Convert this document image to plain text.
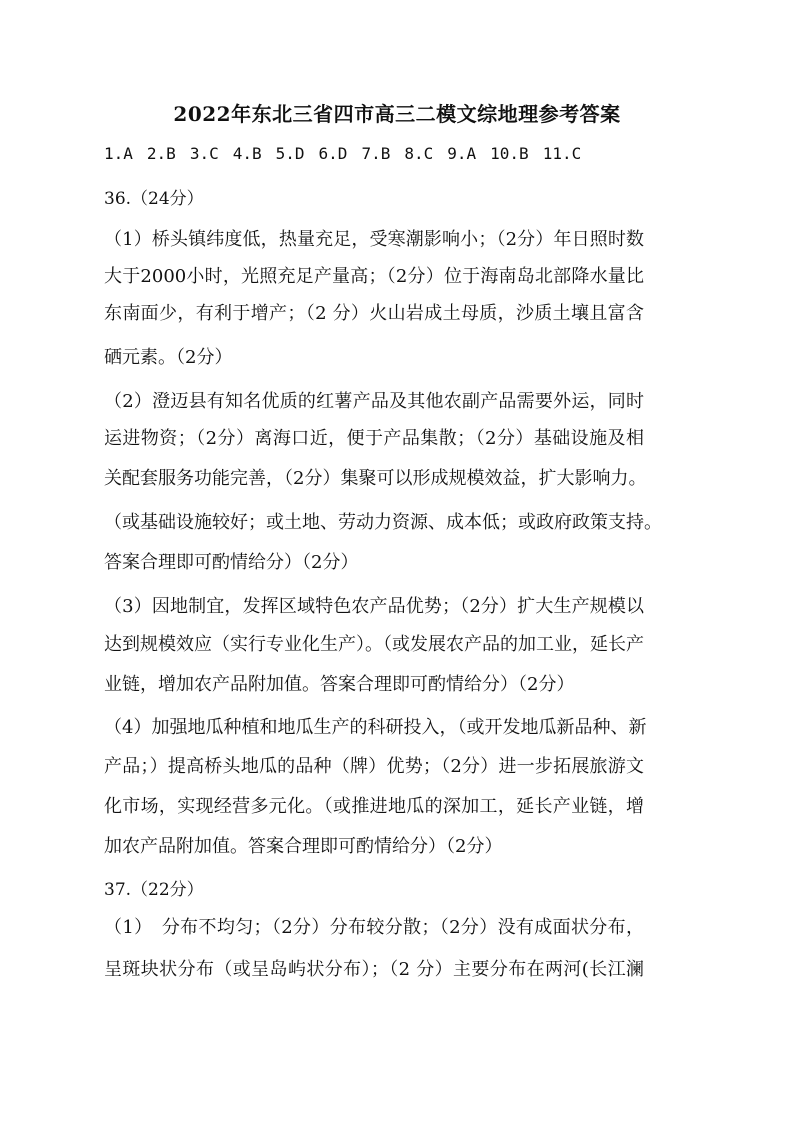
2022年东北三省四市高三二模文综地理参考答案
1.A 2.B 3.C 4.B 5.D 6.D 7.B 8.C 9.A 10.B 11.C
36.（24分）
（1）桥头镇纬度低，热量充足，受寒潮影响小；（2分）年日照时数
大于2000小时，光照充足产量高；（2分）位于海南岛北部降水量比
东南面少，有利于增产；（2 分）火山岩成土母质，沙质土壤且富含
硒元素。（2分）
（2）澄迈县有知名优质的红薯产品及其他农副产品需要外运，同时
运进物资；（2分）离海口近，便于产品集散；（2分）基础设施及相
关配套服务功能完善，（2分）集聚可以形成规模效益，扩大影响力。
（或基础设施较好；或土地、劳动力资源、成本低；或政府政策支持。
答案合理即可酌情给分）（2分）
（3）因地制宜，发挥区域特色农产品优势；（2分）扩大生产规模以
达到规模效应（实行专业化生产）。（或发展农产品的加工业，延长产
业链，增加农产品附加值。答案合理即可酌情给分）（2分）
（4）加强地瓜种植和地瓜生产的科研投入，（或开发地瓜新品种、新
产品；）提高桥头地瓜的品种（牌）优势；（2分）进一步拓展旅游文
化市场，实现经营多元化。（或推进地瓜的深加工，延长产业链，增
加农产品附加值。答案合理即可酌情给分）（2分）
37.（22分）
（1）　分布不均匀；（2分）分布较分散；（2分）没有成面状分布，
呈斑块状分布（或呈岛屿状分布）；（2 分）主要分布在两河(长江澜
